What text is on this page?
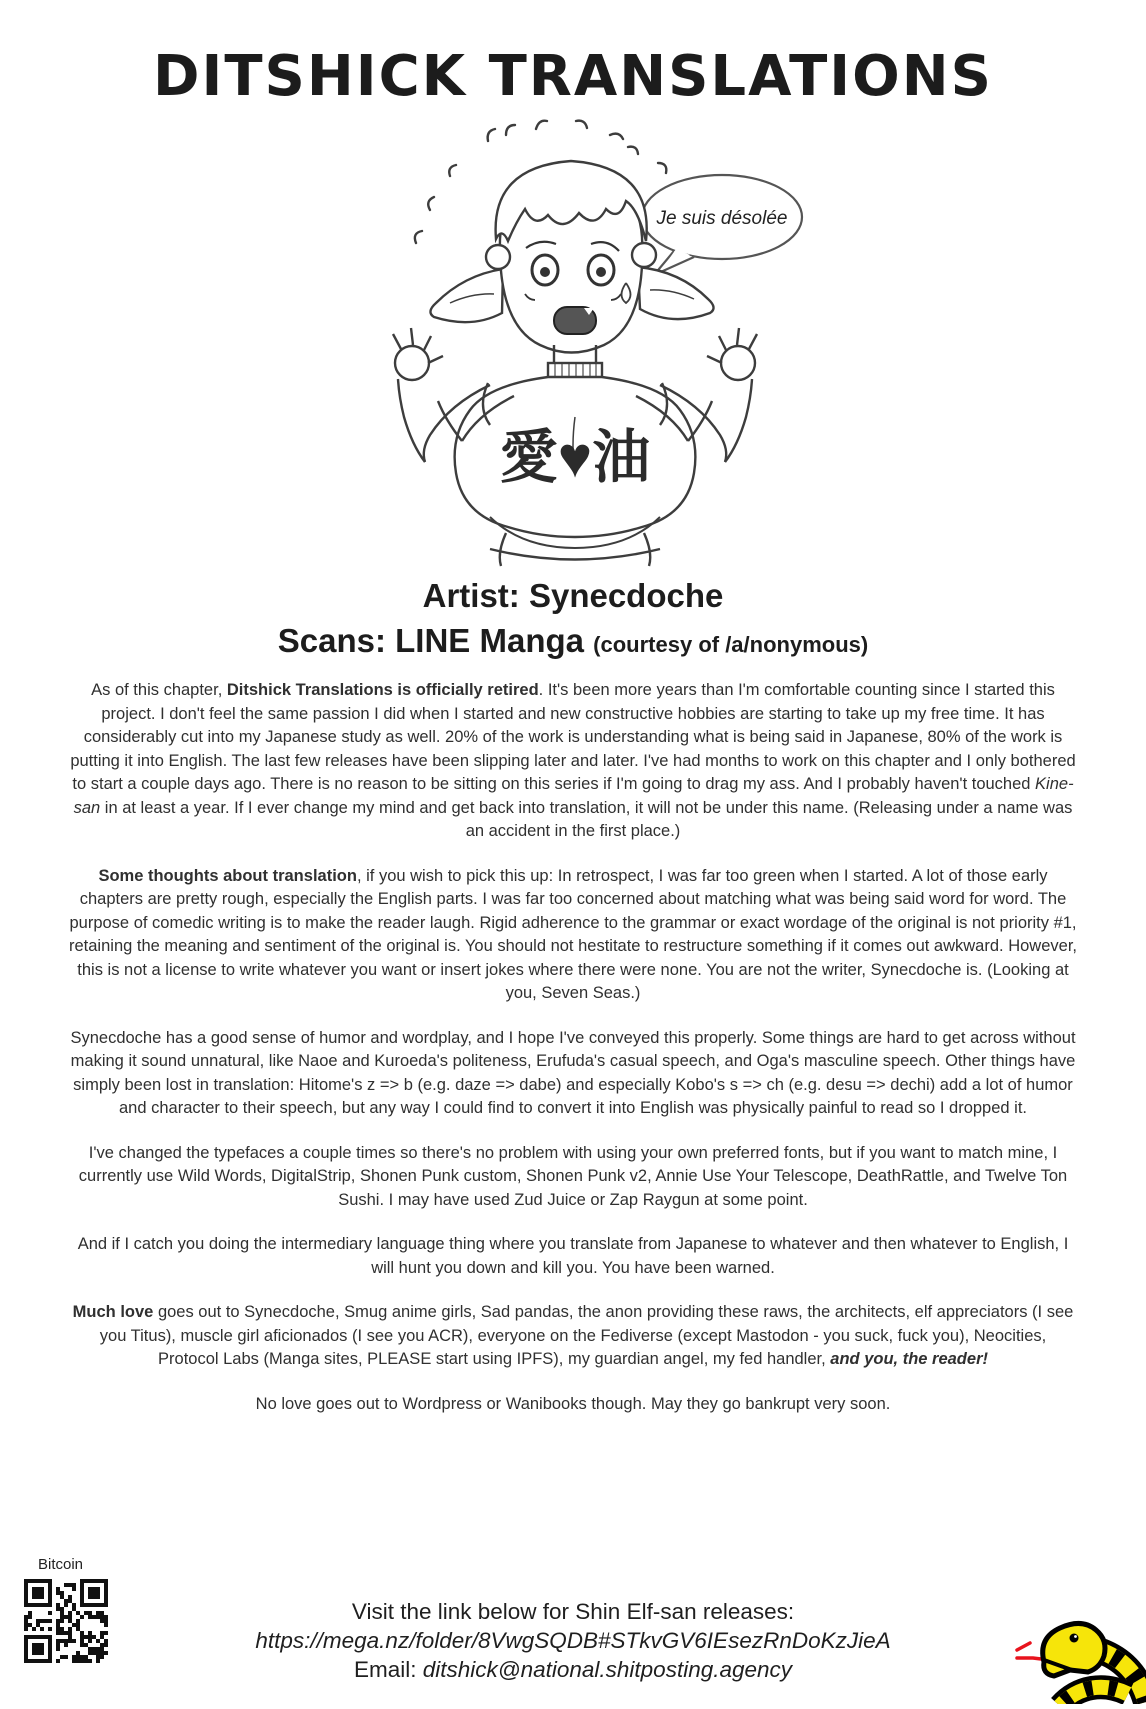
DITSHICK TRANSLATIONS
Je suis désolée
愛♥油
Artist: Synecdoche
Scans: LINE Manga (courtesy of /a/nonymous)

As of this chapter, Ditshick Translations is officially retired. It's been more years than I'm comfortable counting since I started this project. I don't feel the same passion I did when I started and new constructive hobbies are starting to take up my free time. It has considerably cut into my Japanese study as well. 20% of the work is understanding what is being said in Japanese, 80% of the work is putting it into English. The last few releases have been slipping later and later. I've had months to work on this chapter and I only bothered to start a couple days ago. There is no reason to be sitting on this series if I'm going to drag my ass. And I probably haven't touched Kine-san in at least a year. If I ever change my mind and get back into translation, it will not be under this name. (Releasing under a name was an accident in the first place.)

Some thoughts about translation, if you wish to pick this up: In retrospect, I was far too green when I started. A lot of those early chapters are pretty rough, especially the English parts. I was far too concerned about matching what was being said word for word. The purpose of comedic writing is to make the reader laugh. Rigid adherence to the grammar or exact wordage of the original is not priority #1, retaining the meaning and sentiment of the original is. You should not hestitate to restructure something if it comes out awkward. However, this is not a license to write whatever you want or insert jokes where there were none. You are not the writer, Synecdoche is. (Looking at you, Seven Seas.)

Synecdoche has a good sense of humor and wordplay, and I hope I've conveyed this properly. Some things are hard to get across without making it sound unnatural, like Naoe and Kuroeda's politeness, Erufuda's casual speech, and Oga's masculine speech. Other things have simply been lost in translation: Hitome's z => b (e.g. daze => dabe) and especially Kobo's s => ch (e.g. desu => dechi) add a lot of humor and character to their speech, but any way I could find to convert it into English was physically painful to read so I dropped it.

I've changed the typefaces a couple times so there's no problem with using your own preferred fonts, but if you want to match mine, I currently use Wild Words, DigitalStrip, Shonen Punk custom, Shonen Punk v2, Annie Use Your Telescope, DeathRattle, and Twelve Ton Sushi. I may have used Zud Juice or Zap Raygun at some point.

And if I catch you doing the intermediary language thing where you translate from Japanese to whatever and then whatever to English, I will hunt you down and kill you. You have been warned.

Much love goes out to Synecdoche, Smug anime girls, Sad pandas, the anon providing these raws, the architects, elf appreciators (I see you Titus), muscle girl aficionados (I see you ACR), everyone on the Fediverse (except Mastodon - you suck, fuck you), Neocities, Protocol Labs (Manga sites, PLEASE start using IPFS), my guardian angel, my fed handler, and you, the reader!

No love goes out to Wordpress or Wanibooks though. May they go bankrupt very soon.

Bitcoin
Visit the link below for Shin Elf-san releases:
https://mega.nz/folder/8VwgSQDB#STkvGV6IEsezRnDoKzJieA
Email: ditshick@national.shitposting.agency
